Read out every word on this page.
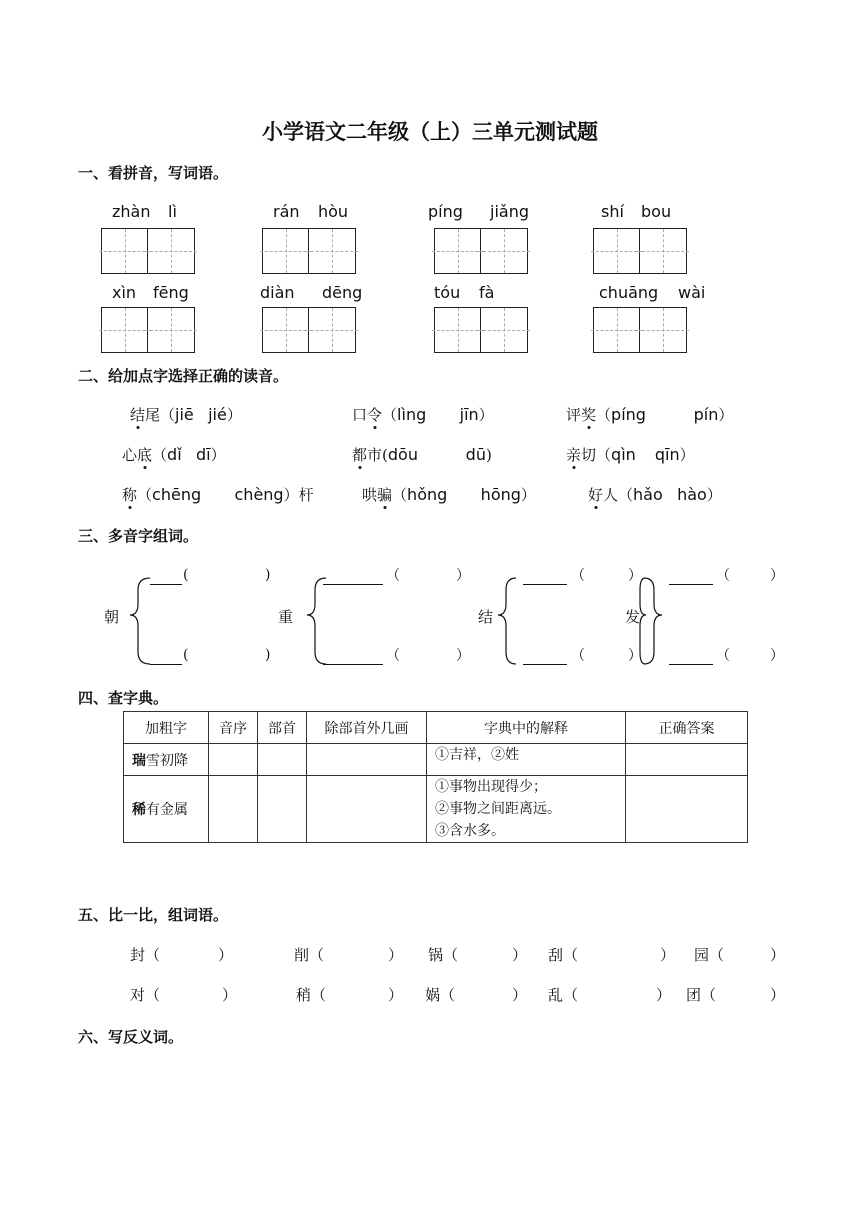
小学语文二年级（上）三单元测试题
一、看拼音，写词语。
zhàn lì	rán hòu	píng jiǎng	shí bou
xìn fēng	diàn dēng	tóu fà	chuāng wài
二、给加点字选择正确的读音。
结尾（jiē jié）	口令（lìng jīn）	评奖（píng	pín）
心底（dǐ dī）	都市(dōu	dū)	亲切（qìn qīn）
称（chēng chèng）杆	哄骗（hǒng hōng）	好人（hǎo hào）
三、多音字组词。
朝	重	结	发
(	)	（	）	（	）	（	）
(	)	（	）	（	）	（	）
四、查字典。
加粗字	音序	部首	除部首外几画	字典中的解释	正确答案
瑞雪初降				①吉祥，②姓	

稀有金属				①事物出现得少；
②事物之间距离远。
③含水多。	

五、比一比，组词语。
封（	）	削（	） 锅（	） 刮（	） 园（	）
对（	）	稍（	） 娲（	） 乱（	） 团（	）
六、写反义词。
